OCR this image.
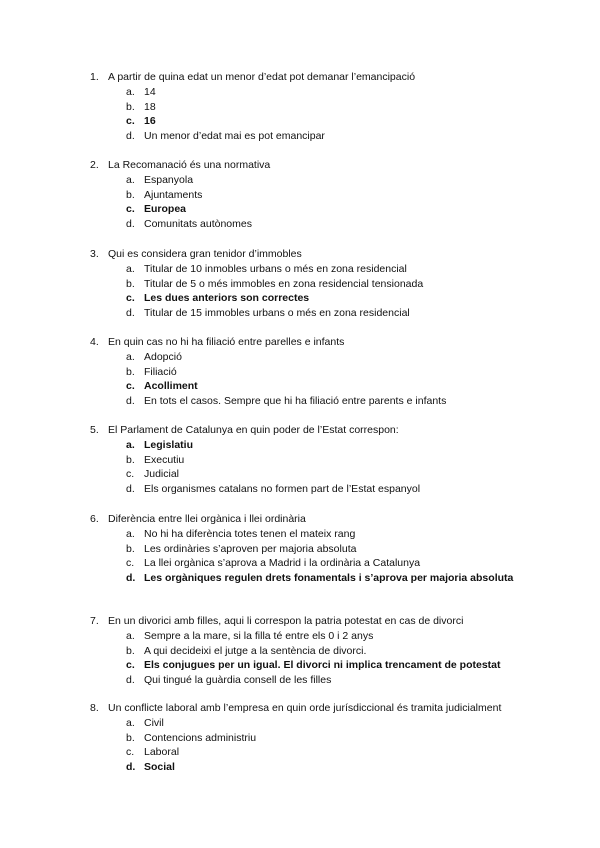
1. A partir de quina edat un menor d’edat pot demanar l’emancipació
a. 14
b. 18
c. 16
d. Un menor d’edat mai es pot emancipar
2. La Recomanació és una normativa
a. Espanyola
b. Ajuntaments
c. Europea
d. Comunitats autònomes
3. Qui es considera gran tenidor d’immobles
a. Titular de 10 inmobles urbans o més en zona residencial
b. Titular de 5 o més immobles en zona residencial tensionada
c. Les dues anteriors son correctes
d. Titular de 15 immobles urbans o més en zona residencial
4. En quin cas no hi ha filiació entre parelles e infants
a. Adopció
b. Filiació
c. Acolliment
d. En tots el casos. Sempre que hi ha filiació entre parents e infants
5. El Parlament de Catalunya en quin poder de l’Estat correspon:
a. Legislatiu
b. Executiu
c. Judicial
d. Els organismes catalans no formen part de l’Estat espanyol
6. Diferència entre llei orgànica i llei ordinària
a. No hi ha diferència totes tenen el mateix rang
b. Les ordinàries s’aproven per majoria absoluta
c. La llei orgànica s’aprova a Madrid i la ordinària a Catalunya
d. Les orgàniques regulen drets fonamentals i s’aprova per majoria absoluta
7. En un divorici amb filles, aqui li correspon la patria potestat en cas de divorci
a. Sempre a la mare, si la filla té entre els 0 i 2 anys
b. A qui decideixi el jutge a la sentència de divorci.
c. Els conjugues per un igual. El divorci ni implica trencament de potestat
d. Qui tingué la guàrdia consell de les filles
8. Un conflicte laboral amb l’empresa en quin orde jurísdiccional és tramita judicialment
a. Civil
b. Contencions administriu
c. Laboral
d. Social
